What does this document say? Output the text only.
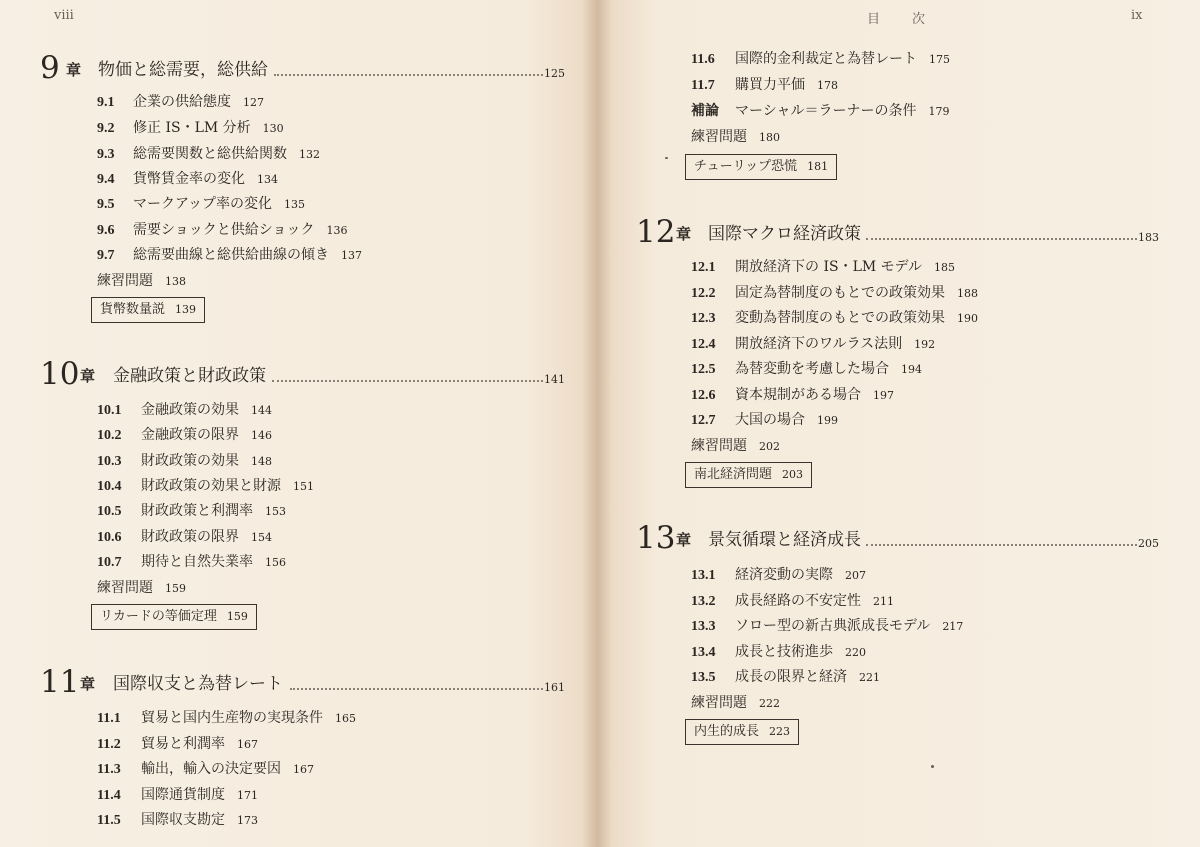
viii
9 章 物価と総需要，総供給	125
9.1 企業の供給態度 127
9.2 修正 IS・LM 分析 130
9.3 総需要関数と総供給関数 132
9.4 貨幣賃金率の変化 134
9.5 マークアップ率の変化 135
9.6 需要ショックと供給ショック 136
9.7 総需要曲線と総供給曲線の傾き 137
練習問題 138
貨幣数量説 139
10 章 金融政策と財政政策	141
10.1 金融政策の効果 144
10.2 金融政策の限界 146
10.3 財政政策の効果 148
10.4 財政政策の効果と財源 151
10.5 財政政策と利潤率 153
10.6 財政政策の限界 154
10.7 期待と自然失業率 156
練習問題 159
リカードの等価定理 159
11 章 国際収支と為替レート	161
11.1 貿易と国内生産物の実現条件 165
11.2 貿易と利潤率 167
11.3 輸出，輸入の決定要因 167
11.4 国際通貨制度 171
11.5 国際収支勘定 173
目　　次	ix
11.6 国際的金利裁定と為替レート 175
11.7 購買力平価 178
補論 マーシャル＝ラーナーの条件 179
練習問題 180
チューリップ恐慌 181
12 章 国際マクロ経済政策	183
12.1 開放経済下の IS・LM モデル 185
12.2 固定為替制度のもとでの政策効果 188
12.3 変動為替制度のもとでの政策効果 190
12.4 開放経済下のワルラス法則 192
12.5 為替変動を考慮した場合 194
12.6 資本規制がある場合 197
12.7 大国の場合 199
練習問題 202
南北経済問題 203
13 章 景気循環と経済成長	205
13.1 経済変動の実際 207
13.2 成長経路の不安定性 211
13.3 ソロー型の新古典派成長モデル 217
13.4 成長と技術進歩 220
13.5 成長の限界と経済 221
練習問題 222
内生的成長 223
